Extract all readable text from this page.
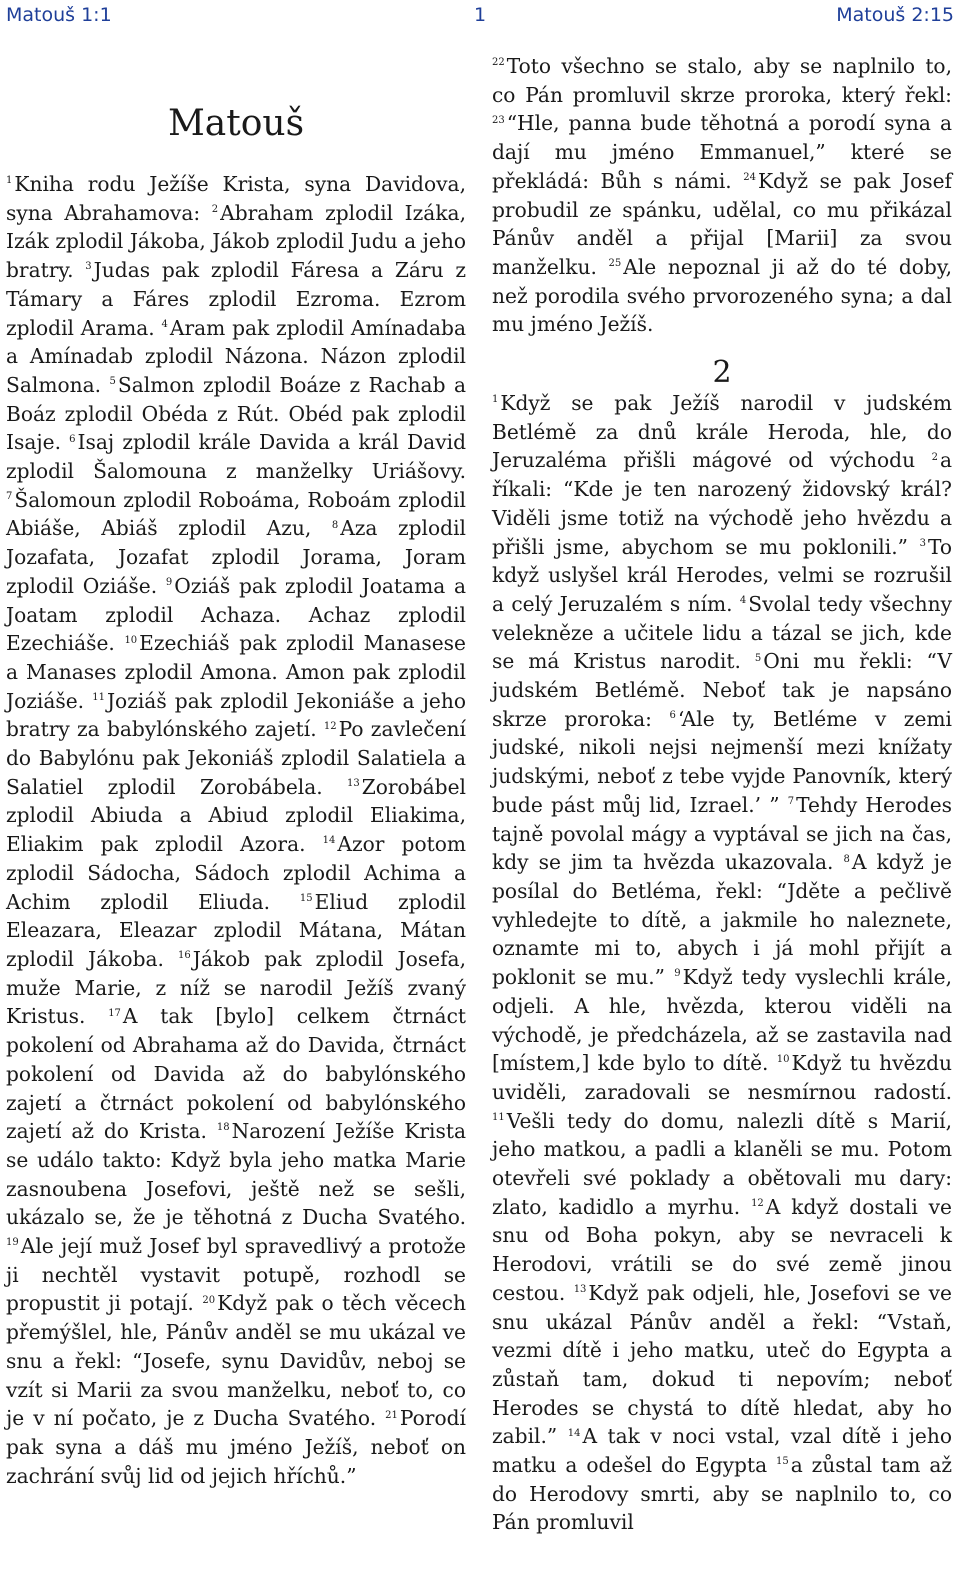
Matouš 1:1	1	Matouš 2:15
Matouš

$^1$Kniha rodu Ježíše Krista, syna Davidova, syna Abrahamova: $^2$Abraham zplodil Izáka, Izák zplodil Jákoba, Jákob zplodil Judu a jeho bratry. $^3$Judas pak zplodil Fáresa a Záru z Támary a Fáres zplodil Ezroma. Ezrom zplodil Arama. $^4$Aram pak zplodil Amínadaba a Amínadab zplodil Názona. Názon zplodil Salmona. $^5$Salmon zplodil Boáze z Rachab a Boáz zplodil Obéda z Rút. Obéd pak zplodil Isaje. $^6$Isaj zplodil krále Davida a král David zplodil Šalomouna z manželky Uriášovy. $^7$Šalomoun zplodil Roboáma, Roboám zplodil Abiáše, Abiáš zplodil Azu, $^8$Aza zplodil Jozafata, Jozafat zplodil Jorama, Joram zplodil Oziáše. $^9$Oziáš pak zplodil Joatama a Joatam zplodil Achaza. Achaz zplodil Ezechiáše. $^{10}$Ezechiáš pak zplodil Manasese a Manases zplodil Amona. Amon pak zplodil Joziáše. $^{11}$Joziáš pak zplodil Jekoniáše a jeho bratry za babylónského zajetí. $^{12}$Po zavlečení do Babylónu pak Jekoniáš zplodil Salatiela a Salatiel zplodil Zorobábela. $^{13}$Zorobábel zplodil Abiuda a Abiud zplodil Eliakima, Eliakim pak zplodil Azora. $^{14}$Azor potom zplodil Sádocha, Sádoch zplodil Achima a Achim zplodil Eliuda.	$^{15}$Eliud zplodil Eleazara, Eleazar zplodil Mátana, Mátan zplodil Jákoba. $^{16}$Jákob pak zplodil Josefa, muže Marie, z níž se narodil Ježíš zvaný Kristus. $^{17}$A tak [bylo] celkem čtrnáct pokolení od Abrahama až do Davida, čtrnáct pokolení od Davida až do babylónského zajetí a čtrnáct pokolení od babylónského zajetí až do Krista. $^{18}$Narození Ježíše Krista se událo takto: Když byla jeho matka Marie zasnoubena Josefovi, ještě než se sešli, ukázalo se, že je těhotná z Ducha Svatého. $^{19}$Ale její muž Josef byl spravedlivý a protože ji nechtěl vystavit potupě, rozhodl se propustit ji potají. $^{20}$Když pak o těch věcech přemýšlel, hle, Pánův anděl se mu ukázal ve snu a řekl: “Josefe, synu Davidův, neboj se vzít si Marii za svou manželku, neboť to, co je v ní počato, je z Ducha Svatého. $^{21}$Porodí pak syna a dáš mu jméno Ježíš, neboť on zachrání svůj lid od jejich hříchů.”

$^{22}$Toto všechno se stalo, aby se naplnilo to, co Pán promluvil skrze proroka, který řekl: $^{23}$“Hle, panna bude těhotná a porodí syna a dají mu jméno Emmanuel,” které se překládá: Bůh s námi. $^{24}$Když se pak Josef probudil ze spánku, udělal, co mu přikázal Pánův anděl a přijal [Marii] za svou manželku. $^{25}$Ale nepoznal ji až do té doby, než porodila svého prvorozeného syna; a dal mu jméno Ježíš.

2

$^1$Když se pak Ježíš narodil v judském Betlémě za dnů krále Heroda, hle, do Jeruzaléma přišli mágové od východu $^2$a říkali: “Kde je ten narozený židovský král? Viděli jsme totiž na východě jeho hvězdu a přišli jsme, abychom se mu poklonili.” $^3$To když uslyšel král Herodes, velmi se rozrušil a celý Jeruzalém s ním. $^4$Svolal tedy všechny velekněze a učitele lidu a tázal se jich, kde se má Kristus narodit. $^5$Oni mu řekli: “V judském Betlémě. Neboť tak je napsáno skrze proroka: $^6$‘Ale ty, Betléme v zemi judské, nikoli nejsi nejmenší mezi knížaty judskými, neboť z tebe vyjde Panovník, který bude pást můj lid, Izrael.’ ” $^7$Tehdy Herodes tajně povolal mágy a vyptával se jich na čas, kdy se jim ta hvězda ukazovala. $^8$A když je posílal do Betléma, řekl: “Jděte a pečlivě vyhledejte to dítě, a jakmile ho naleznete, oznamte mi to, abych i já mohl přijít a poklonit se mu.” $^9$Když tedy vyslechli krále, odjeli. A hle, hvězda, kterou viděli na východě, je předcházela, až se zastavila nad [místem,] kde bylo to dítě. $^{10}$Když tu hvězdu uviděli, zaradovali se nesmírnou radostí. $^{11}$Vešli tedy do domu, nalezli dítě s Marií, jeho matkou, a padli a klaněli se mu. Potom otevřeli své poklady a obětovali mu dary: zlato, kadidlo a myrhu. $^{12}$A když dostali ve snu od Boha pokyn, aby se nevraceli k Herodovi, vrátili se do své země jinou cestou. $^{13}$Když pak odjeli, hle, Josefovi se ve snu ukázal Pánův anděl a řekl: “Vstaň, vezmi dítě i jeho matku, uteč do Egypta a zůstaň tam, dokud ti nepovím; neboť Herodes se chystá to dítě hledat, aby ho zabil.” $^{14}$A tak v noci vstal, vzal dítě i jeho matku a odešel do Egypta $^{15}$a zůstal tam až do Herodovy smrti, aby se naplnilo to, co Pán promluvil
